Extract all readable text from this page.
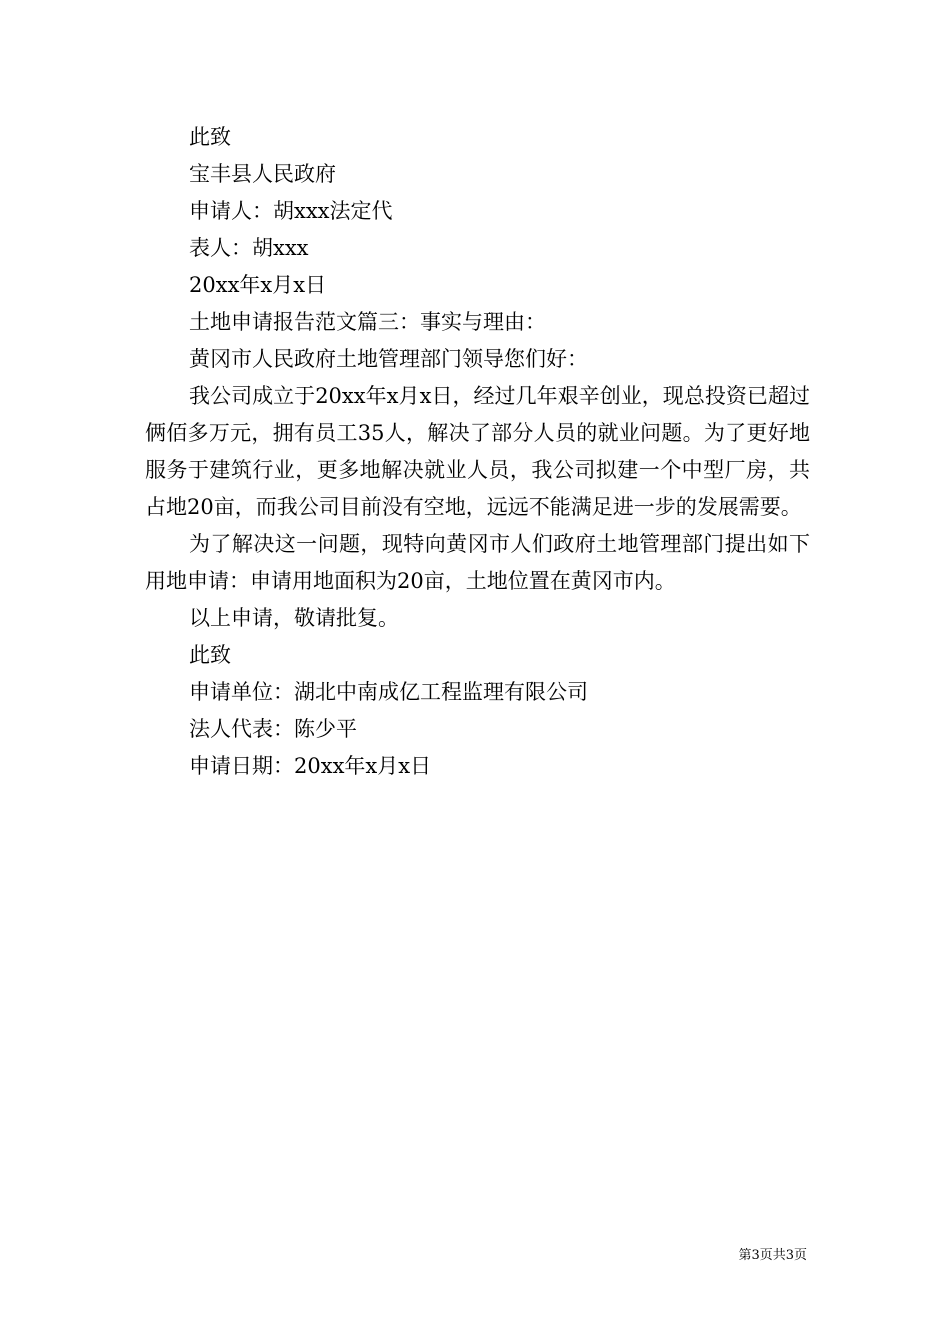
此致

宝丰县人民政府

申请人：胡xxx法定代

表人：胡xxx

20xx年x月x日

土地申请报告范文篇三：事实与理由：

黄冈市人民政府土地管理部门领导您们好：

我公司成立于20xx年x月x日，经过几年艰辛创业，现总投资已超过俩佰多万元，拥有员工35人，解决了部分人员的就业问题。为了更好地服务于建筑行业，更多地解决就业人员，我公司拟建一个中型厂房，共占地20亩，而我公司目前没有空地，远远不能满足进一步的发展需要。

为了解决这一问题，现特向黄冈市人们政府土地管理部门提出如下用地申请：申请用地面积为20亩，土地位置在黄冈市内。

以上申请，敬请批复。

此致

申请单位：湖北中南成亿工程监理有限公司

法人代表：陈少平

申请日期：20xx年x月x日

第3页共3页
